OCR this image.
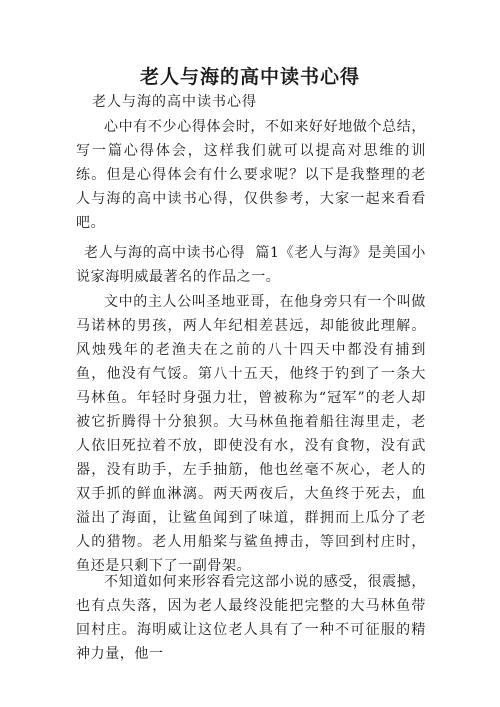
老人与海的高中读书心得
老人与海的高中读书心得

心中有不少心得体会时，不如来好好地做个总结，写一篇心得体会，这样我们就可以提高对思维的训练。但是心得体会有什么要求呢？以下是我整理的老人与海的高中读书心得，仅供参考，大家一起来看看吧。

老人与海的高中读书心得  篇1《老人与海》是美国小说家海明威最著名的作品之一。

文中的主人公叫圣地亚哥，在他身旁只有一个叫做马诺林的男孩，两人年纪相差甚远，却能彼此理解。风烛残年的老渔夫在之前的八十四天中都没有捕到鱼，他没有气馁。第八十五天，他终于钓到了一条大马林鱼。年轻时身强力壮，曾被称为“冠军”的老人却被它折腾得十分狼狈。大马林鱼拖着船往海里走，老人依旧死拉着不放，即使没有水，没有食物，没有武器，没有助手，左手抽筋，他也丝毫不灰心，老人的双手抓的鲜血淋漓。两天两夜后，大鱼终于死去，血溢出了海面，让鲨鱼闻到了味道，群拥而上瓜分了老人的猎物。老人用船桨与鲨鱼搏击，等回到村庄时，鱼还是只剩下了一副骨架。

不知道如何来形容看完这部小说的感受，很震撼，也有点失落，因为老人最终没能把完整的大马林鱼带回村庄。海明威让这位老人具有了一种不可征服的精神力量，他一
